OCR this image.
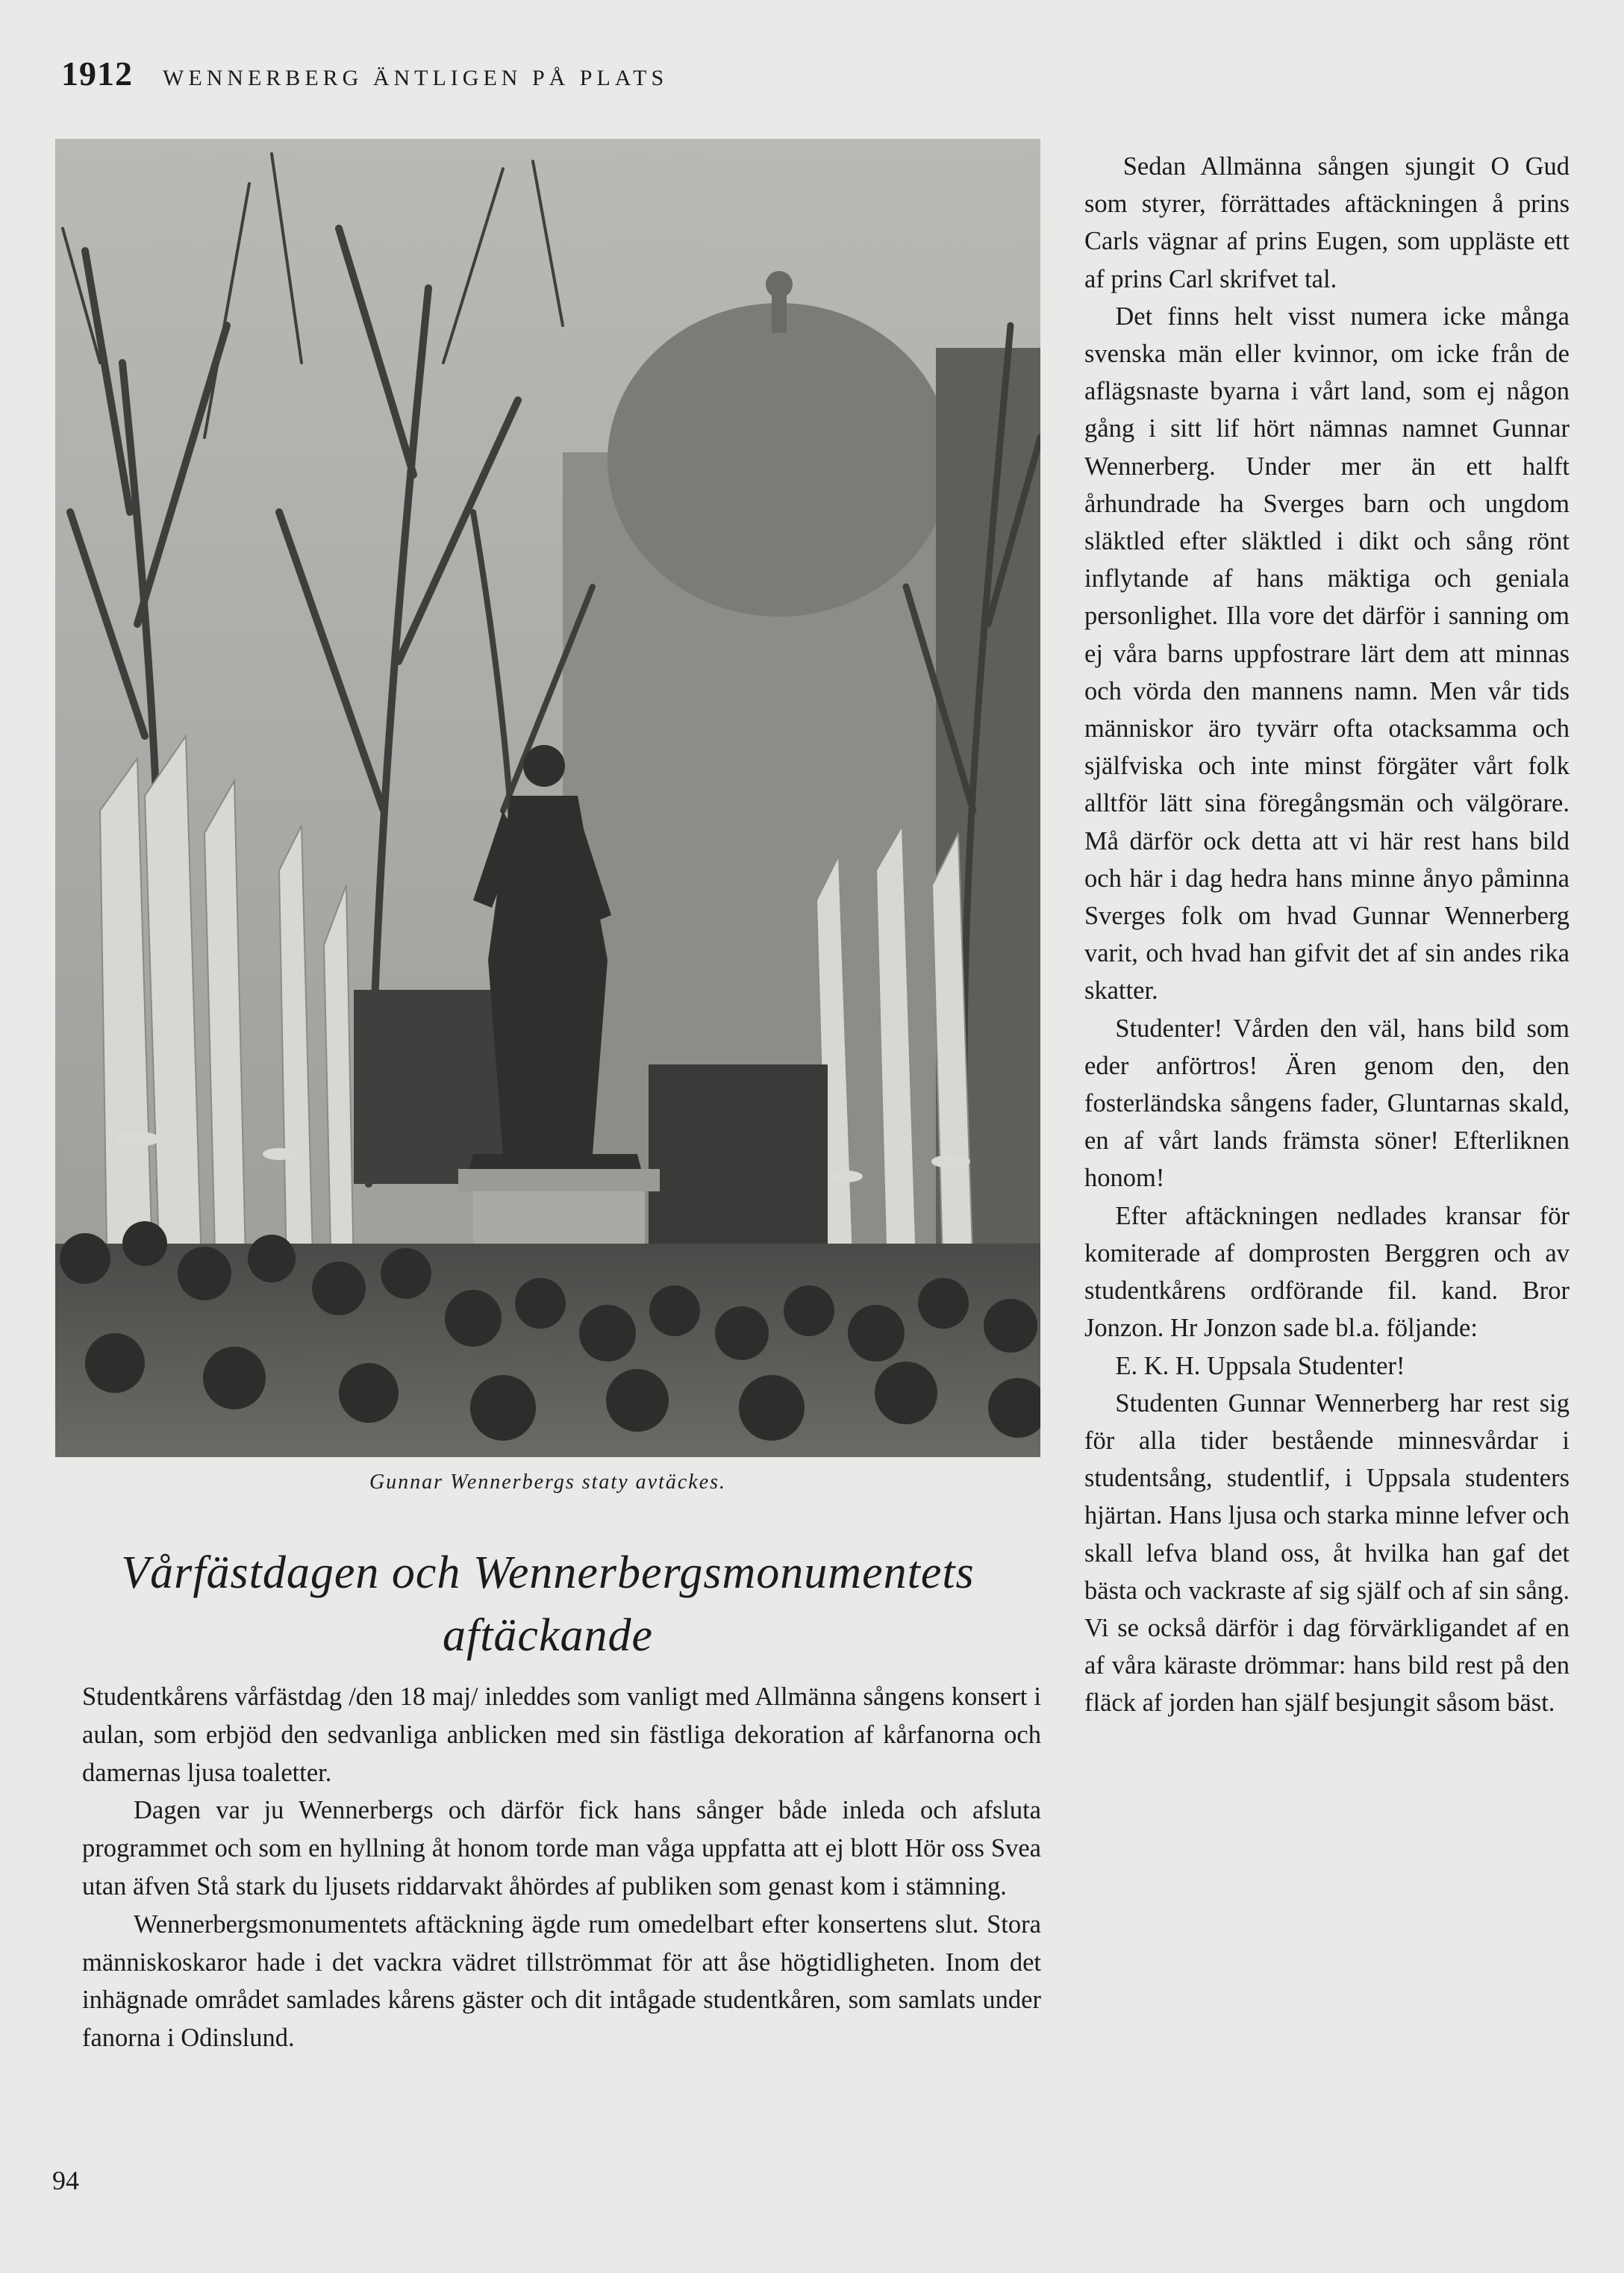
1912 WENNERBERG ÄNTLIGEN PÅ PLATS
Gunnar Wennerbergs staty avtäckes.
Vårfästdagen och Wennerbergsmonumentets
aftäckande

Studentkårens vårfästdag /den 18 maj/ inleddes som vanligt med Allmänna sångens konsert i aulan, som erbjöd den sedvanliga anblicken med sin fästliga dekoration af kårfanorna och damernas ljusa toaletter.

Dagen var ju Wennerbergs och därför fick hans sånger både inleda och afsluta programmet och som en hyllning åt honom torde man våga uppfatta att ej blott Hör oss Svea utan äfven Stå stark du ljusets riddarvakt åhördes af publiken som genast kom i stämning.

Wennerbergsmonumentets aftäckning ägde rum omedelbart efter konsertens slut. Stora människoskaror hade i det vackra vädret tillströmmat för att åse högtidligheten. Inom det inhägnade området samlades kårens gäster och dit intågade studentkåren, som samlats under fanorna i Odinslund.

Sedan Allmänna sången sjungit O Gud som styrer, förrättades aftäckningen å prins Carls vägnar af prins Eugen, som uppläste ett af prins Carl skrifvet tal.

Det finns helt visst numera icke många svenska män eller kvinnor, om icke från de aflägsnaste byarna i vårt land, som ej någon gång i sitt lif hört nämnas namnet Gunnar Wennerberg. Under mer än ett halft århundrade ha Sverges barn och ungdom släktled efter släktled i dikt och sång rönt inflytande af hans mäktiga och geniala personlighet. Illa vore det därför i sanning om ej våra barns uppfostrare lärt dem att minnas och vörda den mannens namn. Men vår tids människor äro tyvärr ofta otacksamma och själfviska och inte minst förgäter vårt folk alltför lätt sina föregångsmän och välgörare. Må därför ock detta att vi här rest hans bild och här i dag hedra hans minne ånyo påminna Sverges folk om hvad Gunnar Wennerberg varit, och hvad han gifvit det af sin andes rika skatter.

Studenter! Vården den väl, hans bild som eder anförtros! Ären genom den, den fosterländska sångens fader, Gluntarnas skald, en af vårt lands främsta söner! Efterliknen honom!

Efter aftäckningen nedlades kransar för komiterade af domprosten Berggren och av studentkårens ordförande fil. kand. Bror Jonzon. Hr Jonzon sade bl.a. följande:

E. K. H. Uppsala Studenter!

Studenten Gunnar Wennerberg har rest sig för alla tider bestående minnesvårdar i studentsång, studentlif, i Uppsala studenters hjärtan. Hans ljusa och starka minne lefver och skall lefva bland oss, åt hvilka han gaf det bästa och vackraste af sig själf och af sin sång. Vi se också därför i dag förvärkligandet af en af våra käraste drömmar: hans bild rest på den fläck af jorden han själf besjungit såsom bäst.

94
